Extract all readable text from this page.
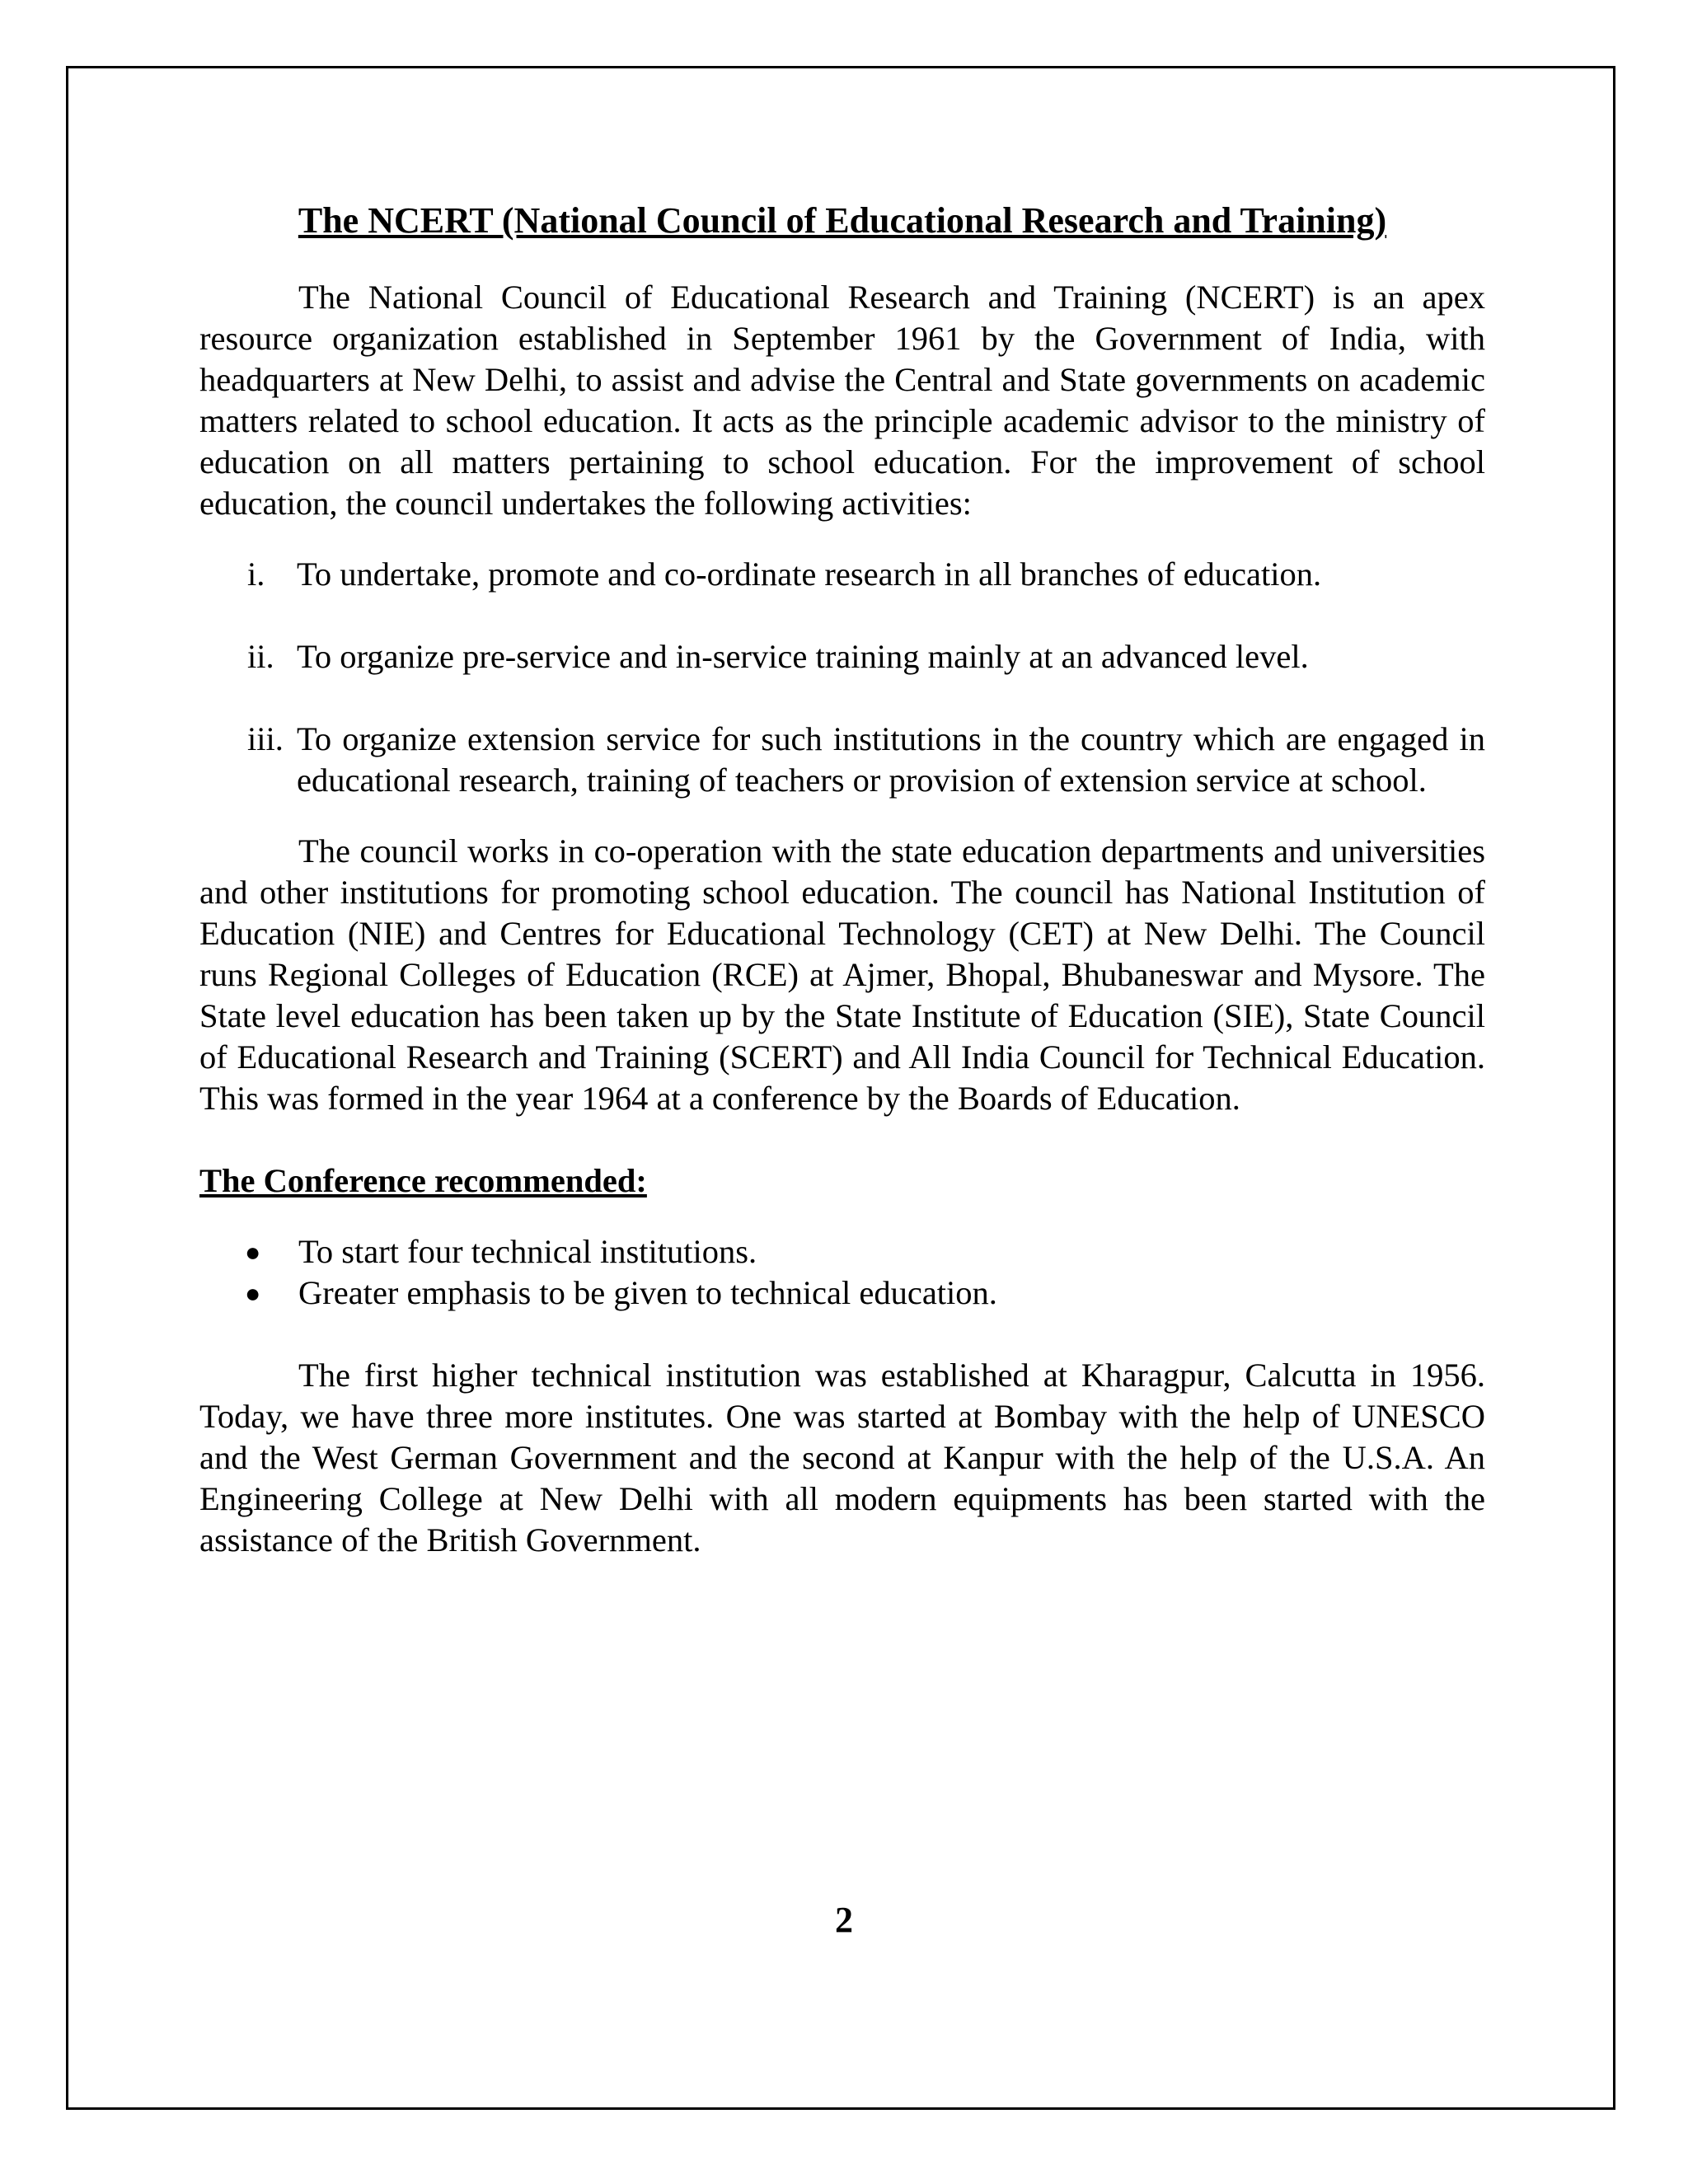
The NCERT (National Council of Educational Research and Training)

The National Council of Educational Research and Training (NCERT) is an apex resource organization established in September 1961 by the Government of India, with headquarters at New Delhi, to assist and advise the Central and State governments on academic matters related to school education. It acts as the principle academic advisor to the ministry of education on all matters pertaining to school education. For the improvement of school education, the council undertakes the following activities:

i. To undertake, promote and co-ordinate research in all branches of education.
ii. To organize pre-service and in-service training mainly at an advanced level.
iii. To organize extension service for such institutions in the country which are engaged in educational research, training of teachers or provision of extension service at school.

The council works in co-operation with the state education departments and universities and other institutions for promoting school education. The council has National Institution of Education (NIE) and Centres for Educational Technology (CET) at New Delhi. The Council runs Regional Colleges of Education (RCE) at Ajmer, Bhopal, Bhubaneswar and Mysore. The State level education has been taken up by the State Institute of Education (SIE), State Council of Educational Research and Training (SCERT) and All India Council for Technical Education. This was formed in the year 1964 at a conference by the Boards of Education.

The Conference recommended:
●	To start four technical institutions.
●	Greater emphasis to be given to technical education.

The first higher technical institution was established at Kharagpur, Calcutta in 1956. Today, we have three more institutes. One was started at Bombay with the help of UNESCO and the West German Government and the second at Kanpur with the help of the U.S.A. An Engineering College at New Delhi with all modern equipments has been started with the assistance of the British Government.

2
